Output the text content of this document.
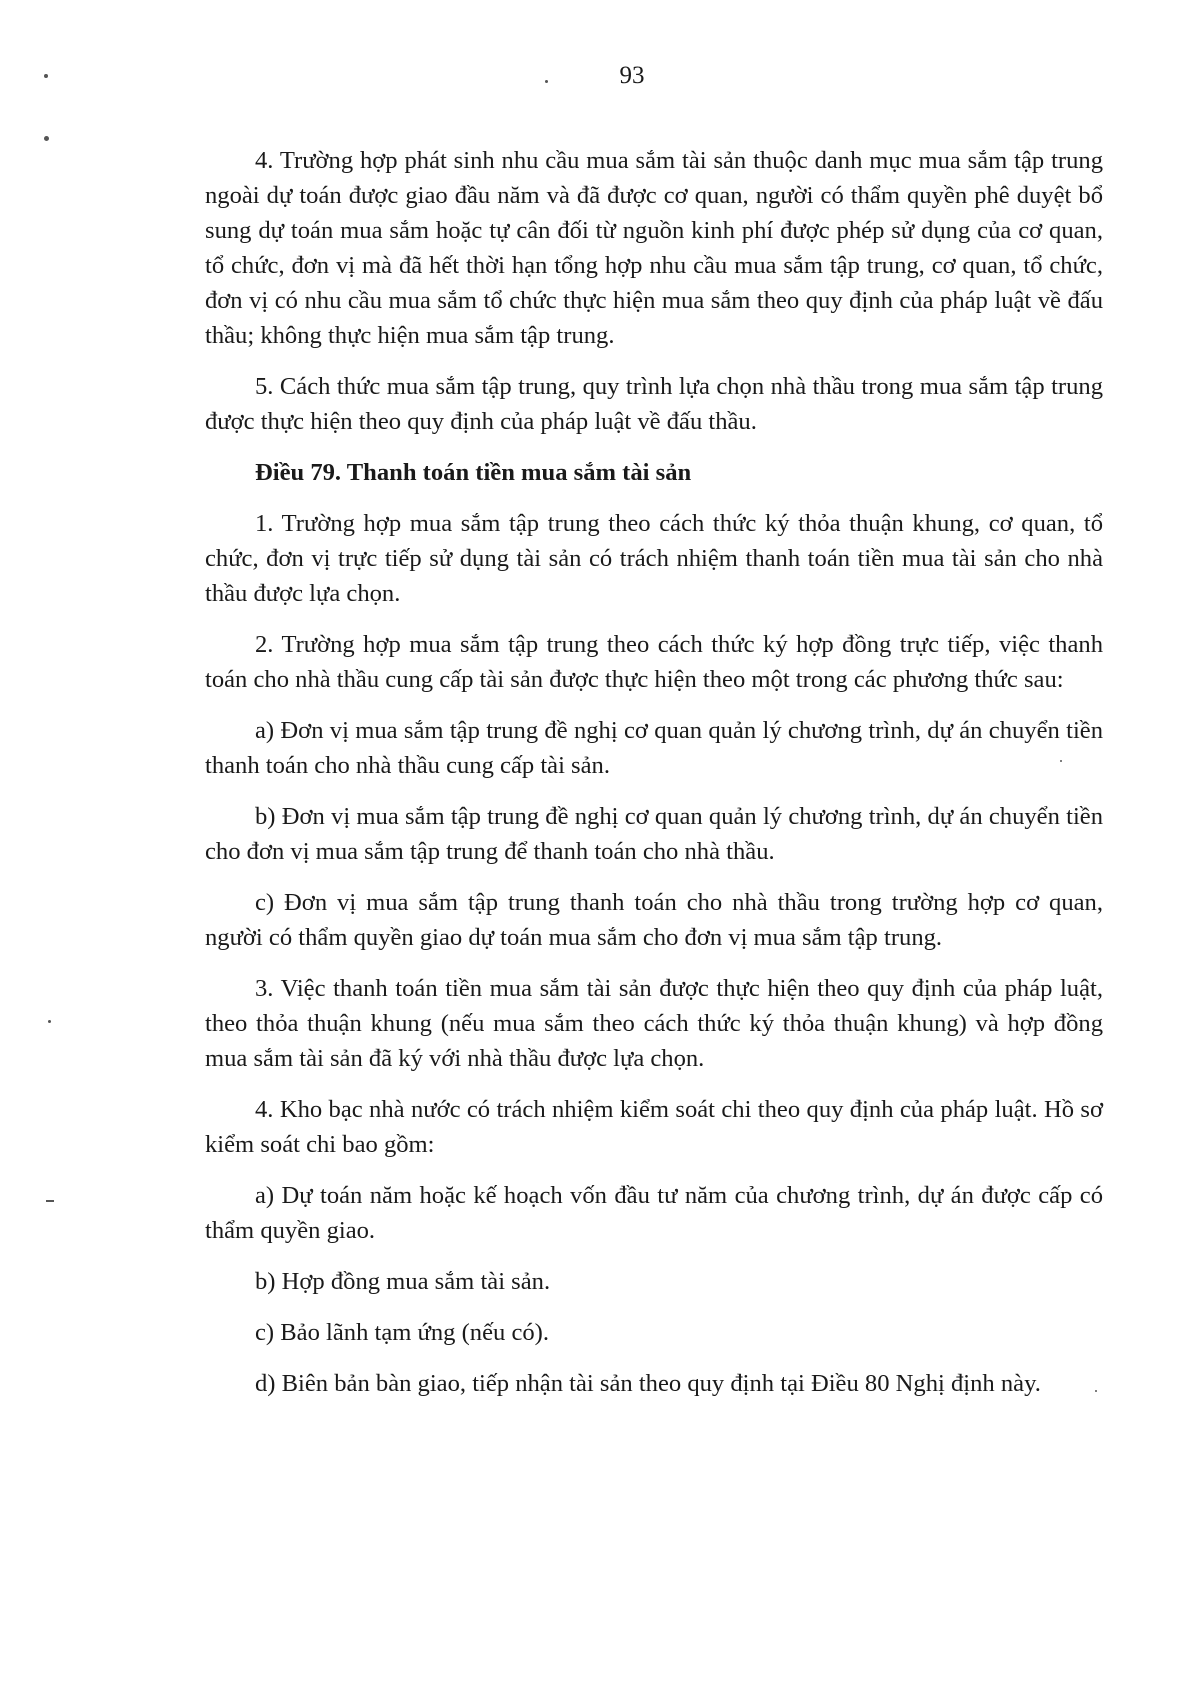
93

4. Trường hợp phát sinh nhu cầu mua sắm tài sản thuộc danh mục mua sắm tập trung ngoài dự toán được giao đầu năm và đã được cơ quan, người có thẩm quyền phê duyệt bổ sung dự toán mua sắm hoặc tự cân đối từ nguồn kinh phí được phép sử dụng của cơ quan, tổ chức, đơn vị mà đã hết thời hạn tổng hợp nhu cầu mua sắm tập trung, cơ quan, tổ chức, đơn vị có nhu cầu mua sắm tổ chức thực hiện mua sắm theo quy định của pháp luật về đấu thầu; không thực hiện mua sắm tập trung.

5. Cách thức mua sắm tập trung, quy trình lựa chọn nhà thầu trong mua sắm tập trung được thực hiện theo quy định của pháp luật về đấu thầu.

Điều 79. Thanh toán tiền mua sắm tài sản

1. Trường hợp mua sắm tập trung theo cách thức ký thỏa thuận khung, cơ quan, tổ chức, đơn vị trực tiếp sử dụng tài sản có trách nhiệm thanh toán tiền mua tài sản cho nhà thầu được lựa chọn.

2. Trường hợp mua sắm tập trung theo cách thức ký hợp đồng trực tiếp, việc thanh toán cho nhà thầu cung cấp tài sản được thực hiện theo một trong các phương thức sau:

a) Đơn vị mua sắm tập trung đề nghị cơ quan quản lý chương trình, dự án chuyển tiền thanh toán cho nhà thầu cung cấp tài sản.

b) Đơn vị mua sắm tập trung đề nghị cơ quan quản lý chương trình, dự án chuyển tiền cho đơn vị mua sắm tập trung để thanh toán cho nhà thầu.

c) Đơn vị mua sắm tập trung thanh toán cho nhà thầu trong trường hợp cơ quan, người có thẩm quyền giao dự toán mua sắm cho đơn vị mua sắm tập trung.

3. Việc thanh toán tiền mua sắm tài sản được thực hiện theo quy định của pháp luật, theo thỏa thuận khung (nếu mua sắm theo cách thức ký thỏa thuận khung) và hợp đồng mua sắm tài sản đã ký với nhà thầu được lựa chọn.

4. Kho bạc nhà nước có trách nhiệm kiểm soát chi theo quy định của pháp luật. Hồ sơ kiểm soát chi bao gồm:

a) Dự toán năm hoặc kế hoạch vốn đầu tư năm của chương trình, dự án được cấp có thẩm quyền giao.

b) Hợp đồng mua sắm tài sản.

c) Bảo lãnh tạm ứng (nếu có).

d) Biên bản bàn giao, tiếp nhận tài sản theo quy định tại Điều 80 Nghị định này.
